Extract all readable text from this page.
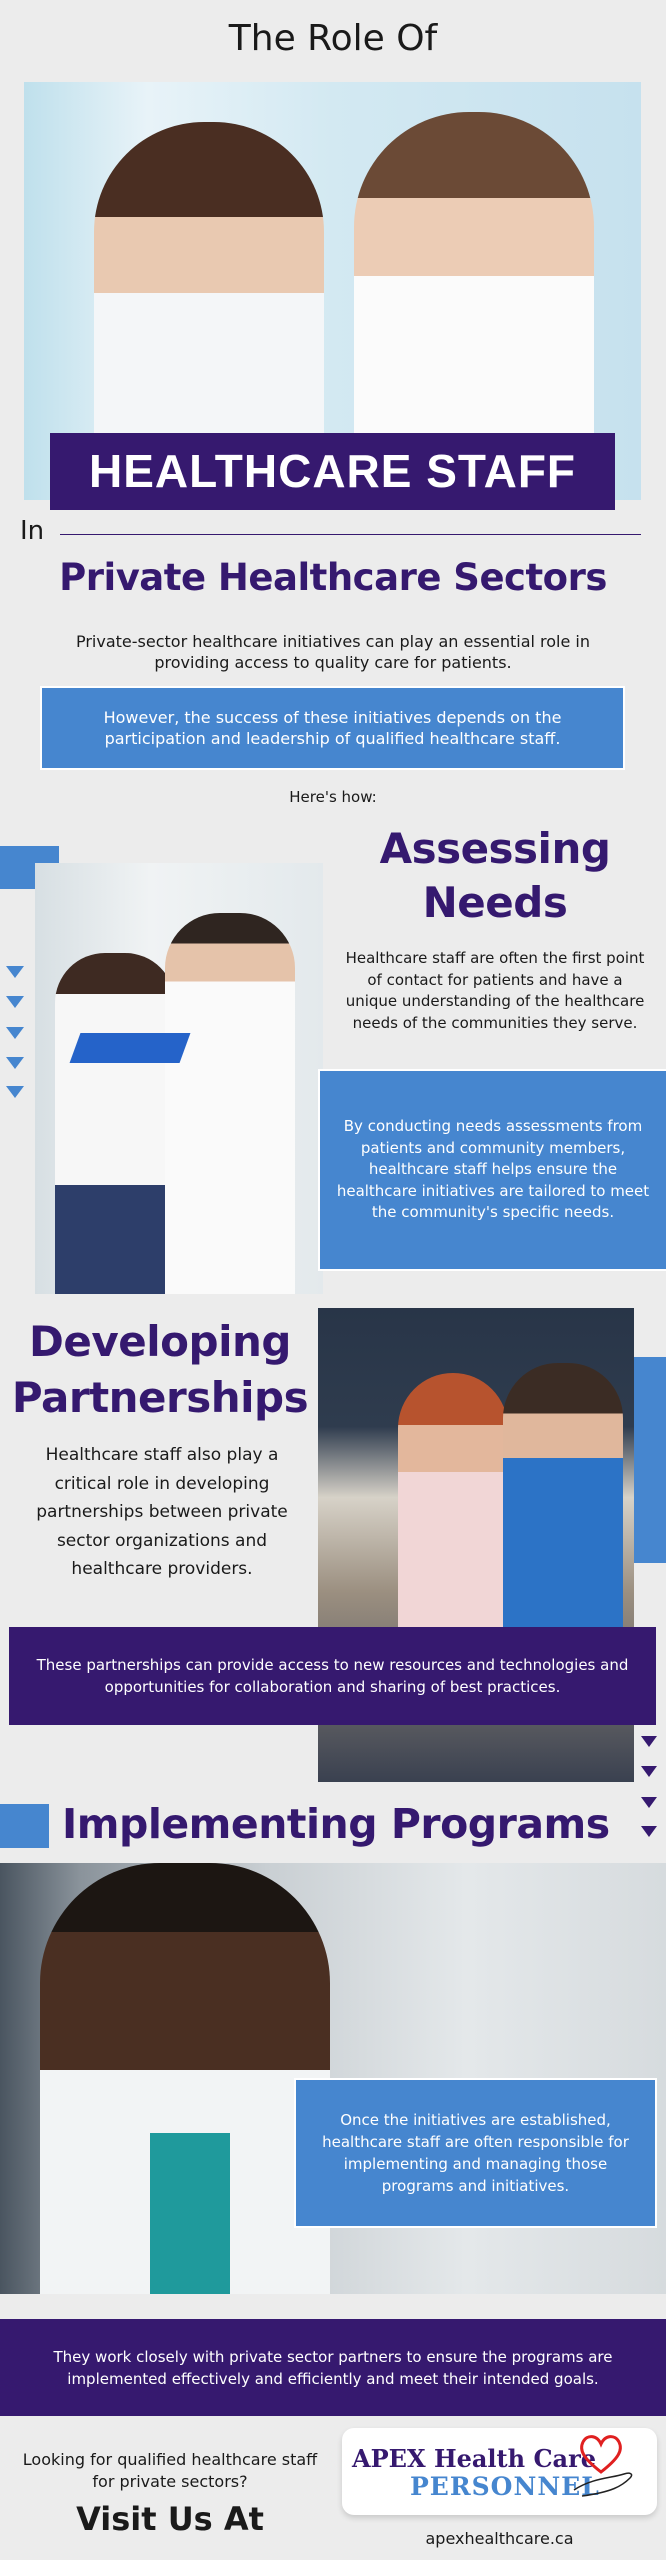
The Role Of
HEALTHCARE STAFF
In
Private Healthcare Sectors
Private-sector healthcare initiatives can play an essential role in providing access to quality care for patients.
However, the success of these initiatives depends on the participation and leadership of qualified healthcare staff.
Here's how:
Assessing
Needs
Healthcare staff are often the first point of contact for patients and have a unique understanding of the healthcare needs of the communities they serve.
By conducting needs assessments from patients and community members, healthcare staff helps ensure the healthcare initiatives are tailored to meet the community's specific needs.
Developing
Partnerships
Healthcare staff also play a critical role in developing partnerships between private sector organizations and healthcare providers.
These partnerships can provide access to new resources and technologies and opportunities for collaboration and sharing of best practices.
Implementing Programs
Once the initiatives are established, healthcare staff are often responsible for implementing and managing those programs and initiatives.
They work closely with private sector partners to ensure the programs are implemented effectively and efficiently and meet their intended goals.
Looking for qualified healthcare staff for private sectors?
Visit Us At
APEX Health Care
PERSONNEL
apexhealthcare.ca
